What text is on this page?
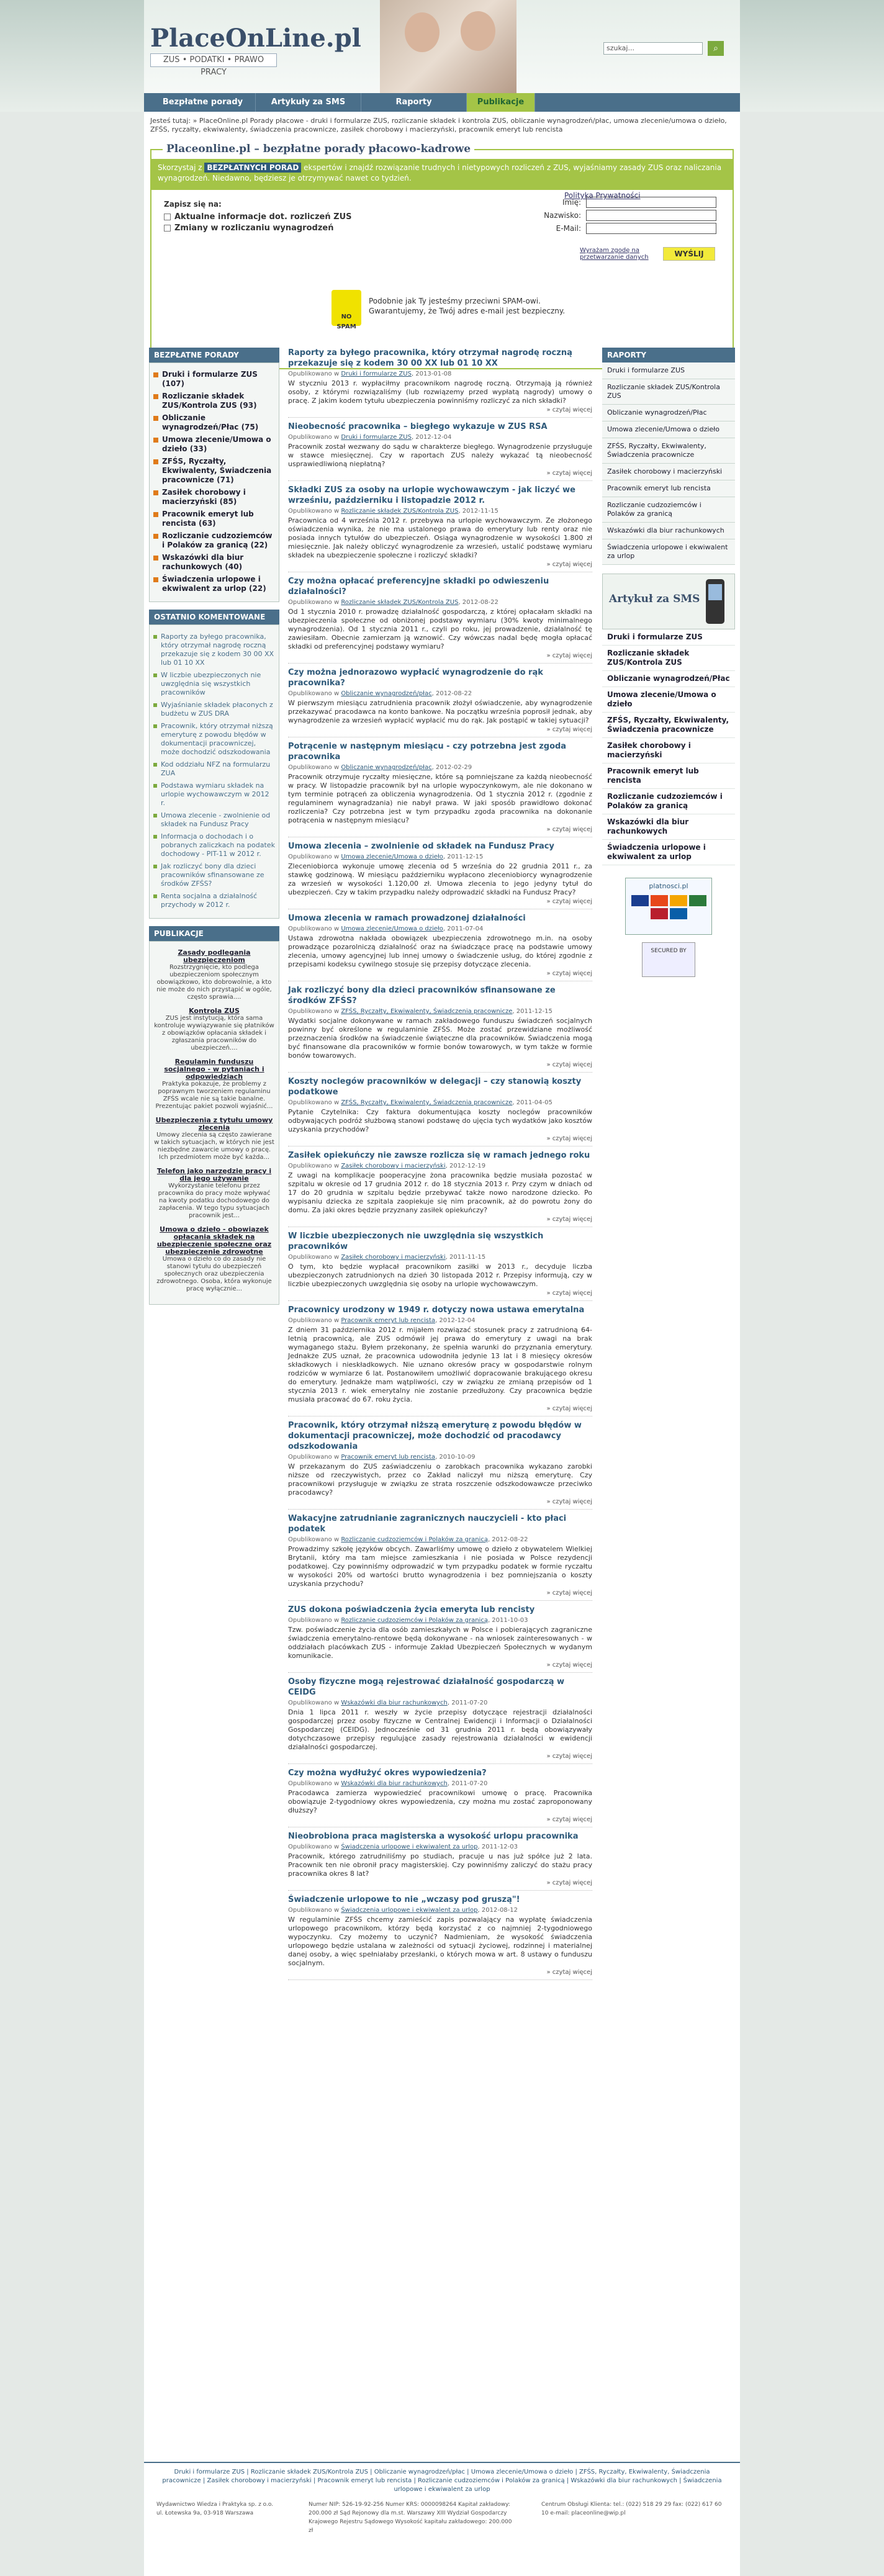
PlaceOnLine.pl
ZUS • PODATKI • PRAWO PRACY
szukaj...	⌕
Bezpłatne porady	Artykuły za SMS	Raporty	Publikacje
Jesteś tutaj: » PlaceOnline.pl Porady płacowe - druki i formularze ZUS, rozliczanie składek i kontrola ZUS, obliczanie wynagrodzeń/płac, umowa zlecenie/umowa o dzieło, ZFŚS, ryczałty, ekwiwalenty, świadczenia pracownicze, zasiłek chorobowy i macierzyński, pracownik emeryt lub rencista
Placeonline.pl – bezpłatne porady płacowo-kadrowe
Skorzystaj z BEZPŁATNYCH PORAD ekspertów i znajdź rozwiązanie trudnych i nietypowych rozliczeń z ZUS, wyjaśniamy zasady ZUS oraz naliczania wynagrodzeń. Niedawno, będziesz je otrzymywać nawet co tydzień.
Zapisz się na:
Aktualne informacje dot. rozliczeń ZUS
Zmiany w rozliczaniu wynagrodzeń
Polityka Prywatności
Imię:
Nazwisko:
E-Mail:
Wyrażam zgodę na przetwarzanie danych	WYŚLIJ
NO SPAM
Podobnie jak Ty jesteśmy przeciwni SPAM-owi. Gwarantujemy, że Twój adres e-mail jest bezpieczny.
BEZPŁATNE PORADY
Druki i formularze ZUS (107)
Rozliczanie składek ZUS/Kontrola ZUS (93)
Obliczanie wynagrodzeń/Płac (75)
Umowa zlecenie/Umowa o dzieło (33)
ZFŚS, Ryczałty, Ekwiwalenty, Świadczenia pracownicze (71)
Zasiłek chorobowy i macierzyński (85)
Pracownik emeryt lub rencista (63)
Rozliczanie cudzoziemców i Polaków za granicą (22)
Wskazówki dla biur rachunkowych (40)
Świadczenia urlopowe i ekwiwalent za urlop (22)
OSTATNIO KOMENTOWANE
Raporty za byłego pracownika, który otrzymał nagrodę roczną przekazuje się z kodem 30 00 XX lub 01 10 XX
W liczbie ubezpieczonych nie uwzględnia się wszystkich pracowników
Wyjaśnianie składek płaconych z budżetu w ZUS DRA
Pracownik, który otrzymał niższą emeryturę z powodu błędów w dokumentacji pracowniczej, może dochodzić odszkodowania
Kod oddziału NFZ na formularzu ZUA
Podstawa wymiaru składek na urlopie wychowawczym w 2012 r.
Umowa zlecenie - zwolnienie od składek na Fundusz Pracy
Informacja o dochodach i o pobranych zaliczkach na podatek dochodowy - PIT-11 w 2012 r.
Jak rozliczyć bony dla dzieci pracowników sfinansowane ze środków ZFŚS?
Renta socjalna a działalność przychody w 2012 r.
PUBLIKACJE
Zasady podlegania ubezpieczeniom
Rozstrzygnięcie, kto podlega ubezpieczeniom społecznym obowiązkowo, kto dobrowolnie, a kto nie może do nich przystąpić w ogóle, często sprawia....
Kontrola ZUS
ZUS jest instytucją, która sama kontroluje wywiązywanie się płatników z obowiązków opłacania składek i zgłaszania pracowników do ubezpieczeń....
Regulamin funduszu socjalnego - w pytaniach i odpowiedziach
Praktyka pokazuje, że problemy z poprawnym tworzeniem regulaminu ZFŚS wcale nie są takie banalne. Prezentując pakiet pozwoli wyjaśnić...
Ubezpieczenia z tytułu umowy zlecenia
Umowy zlecenia są często zawierane w takich sytuacjach, w których nie jest niezbędne zawarcie umowy o pracę. Ich przedmiotem może być każda...
Telefon jako narzędzie pracy i dla jego używanie
Wykorzystanie telefonu przez pracownika do pracy może wpływać na kwoty podatku dochodowego do zapłacenia. W tego typu sytuacjach pracownik jest...
Umowa o dzieło - obowiązek opłacania składek na ubezpieczenie społeczne oraz ubezpieczenie zdrowotne
Umowa o dzieło co do zasady nie stanowi tytułu do ubezpieczeń społecznych oraz ubezpieczenia zdrowotnego. Osoba, która wykonuje pracę wyłącznie...
Raporty za byłego pracownika, który otrzymał nagrodę roczną przekazuje się z kodem 30 00 XX lub 01 10 XX
Opublikowano w Druki i formularze ZUS, 2013-01-08

W styczniu 2013 r. wypłaciłmy pracownikom nagrodę roczną. Otrzymają ją również osoby, z którymi rozwiązaliśmy (lub rozwiązemy przed wypłatą nagrody) umowy o pracę. Z jakim kodem tytułu ubezpieczenia powinniśmy rozliczyć za nich składki?

» czytaj więcej
Nieobecność pracownika – biegłego wykazuje w ZUS RSA
Opublikowano w Druki i formularze ZUS, 2012-12-04

Pracownik został wezwany do sądu w charakterze biegłego. Wynagrodzenie przysługuje w stawce miesięcznej. Czy w raportach ZUS należy wykazać tą nieobecność usprawiedliwioną niepłatną?

» czytaj więcej
Składki ZUS za osoby na urlopie wychowawczym - jak liczyć we wrześniu, październiku i listopadzie 2012 r.
Opublikowano w Rozliczanie składek ZUS/Kontrola ZUS, 2012-11-15

Pracownica od 4 września 2012 r. przebywa na urlopie wychowawczym. Ze złożonego oświadczenia wynika, że nie ma ustalonego prawa do emerytury lub renty oraz nie posiada innych tytułów do ubezpieczeń. Osiąga wynagrodzenie w wysokości 1.800 zł miesięcznie. Jak należy obliczyć wynagrodzenie za wrzesień, ustalić podstawę wymiaru składek na ubezpieczenie społeczne i rozliczyć składki?

» czytaj więcej
Czy można opłacać preferencyjne składki po odwieszeniu działalności?
Opublikowano w Rozliczanie składek ZUS/Kontrola ZUS, 2012-08-22

Od 1 stycznia 2010 r. prowadzę działalność gospodarczą, z której opłacałam składki na ubezpieczenia społeczne od obniżonej podstawy wymiaru (30% kwoty minimalnego wynagrodzenia). Od 1 stycznia 2011 r., czyli po roku, jej prowadzenie, działalność tę zawiesiłam. Obecnie zamierzam ją wznowić. Czy wówczas nadal będę mogła opłacać składki od preferencyjnej podstawy wymiaru?

» czytaj więcej
Czy można jednorazowo wypłacić wynagrodzenie do rąk pracownika?
Opublikowano w Obliczanie wynagrodzeń/płac, 2012-08-22

W pierwszym miesiącu zatrudnienia pracownik złożył oświadczenie, aby wynagrodzenie przekazywać pracodawca na konto bankowe. Na początku września poprosił jednak, aby wynagrodzenie za wrzesień wypłacić wypłacić mu do rąk. Jak postąpić w takiej sytuacji?

» czytaj więcej
Potrącenie w następnym miesiącu - czy potrzebna jest zgoda pracownika
Opublikowano w Obliczanie wynagrodzeń/płac, 2012-02-29

Pracownik otrzymuje ryczałty miesięczne, które są pomniejszane za każdą nieobecność w pracy. W listopadzie pracownik był na urlopie wypoczynkowym, ale nie dokonano w tym terminie potrąceń za obliczenia wynagrodzenia. Od 1 stycznia 2012 r. (zgodnie z regulaminem wynagradzania) nie nabył prawa. W jaki sposób prawidłowo dokonać rozliczenia? Czy potrzebna jest w tym przypadku zgoda pracownika na dokonanie potrącenia w następnym miesiącu?

» czytaj więcej
Umowa zlecenia – zwolnienie od składek na Fundusz Pracy
Opublikowano w Umowa zlecenie/Umowa o dzieło, 2011-12-15

Zleceniobiorca wykonuje umowę zlecenia od 5 września do 22 grudnia 2011 r., za stawkę godzinową. W miesiącu październiku wypłacono zleceniobiorcy wynagrodzenie za wrzesień w wysokości 1.120,00 zł. Umowa zlecenia to jego jedyny tytuł do ubezpieczeń. Czy w takim przypadku należy odprowadzić składki na Fundusz Pracy?

» czytaj więcej
Umowa zlecenia w ramach prowadzonej działalności
Opublikowano w Umowa zlecenie/Umowa o dzieło, 2011-07-04

Ustawa zdrowotna nakłada obowiązek ubezpieczenia zdrowotnego m.in. na osoby prowadzące pozarolniczą działalność oraz na świadczące pracę na podstawie umowy zlecenia, umowy agencyjnej lub innej umowy o świadczenie usług, do której zgodnie z przepisami kodeksu cywilnego stosuje się przepisy dotyczące zlecenia.

» czytaj więcej
Jak rozliczyć bony dla dzieci pracowników sfinansowane ze środków ZFŚS?
Opublikowano w ZFŚS, Ryczałty, Ekwiwalenty, Świadczenia pracownicze, 2011-12-15

Wydatki socjalne dokonywane w ramach zakładowego funduszu świadczeń socjalnych powinny być określone w regulaminie ZFŚS. Może zostać przewidziane możliwość przeznaczenia środków na świadczenie świąteczne dla pracowników. Świadczenia mogą być finansowane dla pracowników w formie bonów towarowych, w tym także w formie bonów towarowych.

» czytaj więcej
Koszty noclegów pracowników w delegacji – czy stanowią koszty podatkowe
Opublikowano w ZFŚS, Ryczałty, Ekwiwalenty, Świadczenia pracownicze, 2011-04-05

Pytanie Czytelnika: Czy faktura dokumentująca koszty noclegów pracowników odbywających podróż służbową stanowi podstawę do ujęcia tych wydatków jako kosztów uzyskania przychodów?

» czytaj więcej
Zasiłek opiekuńczy nie zawsze rozlicza się w ramach jednego roku
Opublikowano w Zasiłek chorobowy i macierzyński, 2012-12-19

Z uwagi na komplikacje pooperacyjne żona pracownika będzie musiała pozostać w szpitalu w okresie od 17 grudnia 2012 r. do 18 stycznia 2013 r. Przy czym w dniach od 17 do 20 grudnia w szpitalu będzie przebywać także nowo narodzone dziecko. Po wypisaniu dziecka ze szpitala zaopiekuje się nim pracownik, aż do powrotu żony do domu. Za jaki okres będzie przyznany zasiłek opiekuńczy?

» czytaj więcej
W liczbie ubezpieczonych nie uwzględnia się wszystkich pracowników
Opublikowano w Zasiłek chorobowy i macierzyński, 2011-11-15

O tym, kto będzie wypłacał pracownikom zasiłki w 2013 r., decyduje liczba ubezpieczonych zatrudnionych na dzień 30 listopada 2012 r. Przepisy informują, czy w liczbie ubezpieczonych uwzględnia się osoby na urlopie wychowawczym.

» czytaj więcej
Pracownicy urodzony w 1949 r. dotyczy nowa ustawa emerytalna
Opublikowano w Pracownik emeryt lub rencista, 2012-12-04

Z dniem 31 października 2012 r. mijałem rozwiązać stosunek pracy z zatrudnioną 64-letnią pracownicą, ale ZUS odmówił jej prawa do emerytury z uwagi na brak wymaganego stażu. Byłem przekonany, że spełnia warunki do przyznania emerytury. Jednakże ZUS uznał, że pracownica udowodniła jedynie 13 lat i 8 miesięcy okresów składkowych i nieskładkowych. Nie uznano okresów pracy w gospodarstwie rolnym rodziców w wymiarze 6 lat. Postanowiłem umożliwić dopracowanie brakującego okresu do emerytury. Jednakże mam wątpliwości, czy w związku ze zmianą przepisów od 1 stycznia 2013 r. wiek emerytalny nie zostanie przedłużony. Czy pracownica będzie musiała pracować do 67. roku życia.

» czytaj więcej
Pracownik, który otrzymał niższą emeryturę z powodu błędów w dokumentacji pracowniczej, może dochodzić od pracodawcy odszkodowania
Opublikowano w Pracownik emeryt lub rencista, 2010-10-09

W przekazanym do ZUS zaświadczeniu o zarobkach pracownika wykazano zarobki niższe od rzeczywistych, przez co Zakład naliczył mu niższą emeryturę. Czy pracownikowi przysługuje w związku ze strata roszczenie odszkodowawcze przeciwko pracodawcy?

» czytaj więcej
Wakacyjne zatrudnianie zagranicznych nauczycieli - kto płaci podatek
Opublikowano w Rozliczanie cudzoziemców i Polaków za granicą, 2012-08-22

Prowadzimy szkołę języków obcych. Zawarliśmy umowę o dzieło z obywatelem Wielkiej Brytanii, który ma tam miejsce zamieszkania i nie posiada w Polsce rezydencji podatkowej. Czy powinniśmy odprowadzić w tym przypadku podatek w formie ryczałtu w wysokości 20% od wartości brutto wynagrodzenia i bez pomniejszania o koszty uzyskania przychodu?

» czytaj więcej
ZUS dokona poświadczenia życia emeryta lub rencisty
Opublikowano w Rozliczanie cudzoziemców i Polaków za granicą, 2011-10-03

Tzw. poświadczenie życia dla osób zamieszkałych w Polsce i pobierających zagraniczne świadczenia emerytalno-rentowe będą dokonywane - na wniosek zainteresowanych - w oddziałach placówkach ZUS - informuje Zakład Ubezpieczeń Społecznych w wydanym komunikacie.

» czytaj więcej
Osoby fizyczne mogą rejestrować działalność gospodarczą w CEIDG
Opublikowano w Wskazówki dla biur rachunkowych, 2011-07-20

Dnia 1 lipca 2011 r. weszły w życie przepisy dotyczące rejestracji działalności gospodarczej przez osoby fizyczne w Centralnej Ewidencji i Informacji o Działalności Gospodarczej (CEIDG). Jednocześnie od 31 grudnia 2011 r. będą obowiązywały dotychczasowe przepisy regulujące zasady rejestrowania działalności w ewidencji działalności gospodarczej.

» czytaj więcej
Czy można wydłużyć okres wypowiedzenia?
Opublikowano w Wskazówki dla biur rachunkowych, 2011-07-20

Pracodawca zamierza wypowiedzieć pracownikowi umowę o pracę. Pracownika obowiązuje 2-tygodniowy okres wypowiedzenia, czy można mu zostać zaproponowany dłuższy?

» czytaj więcej
Nieobrobiona praca magisterska a wysokość urlopu pracownika
Opublikowano w Świadczenia urlopowe i ekwiwalent za urlop, 2011-12-03

Pracownik, którego zatrudniliśmy po studiach, pracuje u nas już spółce już 2 lata. Pracownik ten nie obronił pracy magisterskiej. Czy powinniśmy zaliczyć do stażu pracy pracownika okres 8 lat?

» czytaj więcej
Świadczenie urlopowe to nie „wczasy pod gruszą"!
Opublikowano w Świadczenia urlopowe i ekwiwalent za urlop, 2012-08-12

W regulaminie ZFŚS chcemy zamieścić zapis pozwalający na wypłatę świadczenia urlopowego pracownikom, którzy będą korzystać z co najmniej 2-tygodniowego wypoczynku. Czy możemy to uczynić? Nadmieniam, że wysokość świadczenia urlopowego będzie ustalana w zależności od sytuacji życiowej, rodzinnej i materialnej danej osoby, a więc spełniałaby przesłanki, o których mowa w art. 8 ustawy o funduszu socjalnym.

» czytaj więcej
RAPORTY
Druki i formularze ZUS
Rozliczanie składek ZUS/Kontrola ZUS
Obliczanie wynagrodzeń/Płac
Umowa zlecenie/Umowa o dzieło
ZFŚS, Ryczałty, Ekwiwalenty, Świadczenia pracownicze
Zasiłek chorobowy i macierzyński
Pracownik emeryt lub rencista
Rozliczanie cudzoziemców i Polaków za granicą
Wskazówki dla biur rachunkowych
Świadczenia urlopowe i ekwiwalent za urlop
Artykuł za SMS
Druki i formularze ZUS
Rozliczanie składek ZUS/Kontrola ZUS
Obliczanie wynagrodzeń/Płac
Umowa zlecenie/Umowa o dzieło
ZFŚS, Ryczałty, Ekwiwalenty, Świadczenia pracownicze
Zasiłek chorobowy i macierzyński
Pracownik emeryt lub rencista
Rozliczanie cudzoziemców i Polaków za granicą
Wskazówki dla biur rachunkowych
Świadczenia urlopowe i ekwiwalent za urlop
platnosci.pl
SECURED BY
Druki i formularze ZUS | Rozliczanie składek ZUS/Kontrola ZUS | Obliczanie wynagrodzeń/płac | Umowa zlecenie/Umowa o dzieło | ZFŚS, Ryczałty, Ekwiwalenty, Świadczenia pracownicze | Zasiłek chorobowy i macierzyński | Pracownik emeryt lub rencista | Rozliczanie cudzoziemców i Polaków za granicą | Wskazówki dla biur rachunkowych | Świadczenia urlopowe i ekwiwalent za urlop
Wydawnictwo Wiedza i Praktyka sp. z o.o. ul. Łotewska 9a, 03-918 Warszawa
Numer NIP: 526-19-92-256 Numer KRS: 0000098264 Kapitał zakładowy: 200.000 zł Sąd Rejonowy dla m.st. Warszawy XIII Wydział Gospodarczy Krajowego Rejestru Sądowego Wysokość kapitału zakładowego: 200.000 zł
Centrum Obsługi Klienta: tel.: (022) 518 29 29 fax: (022) 617 60 10 e-mail: placeonline@wip.pl
